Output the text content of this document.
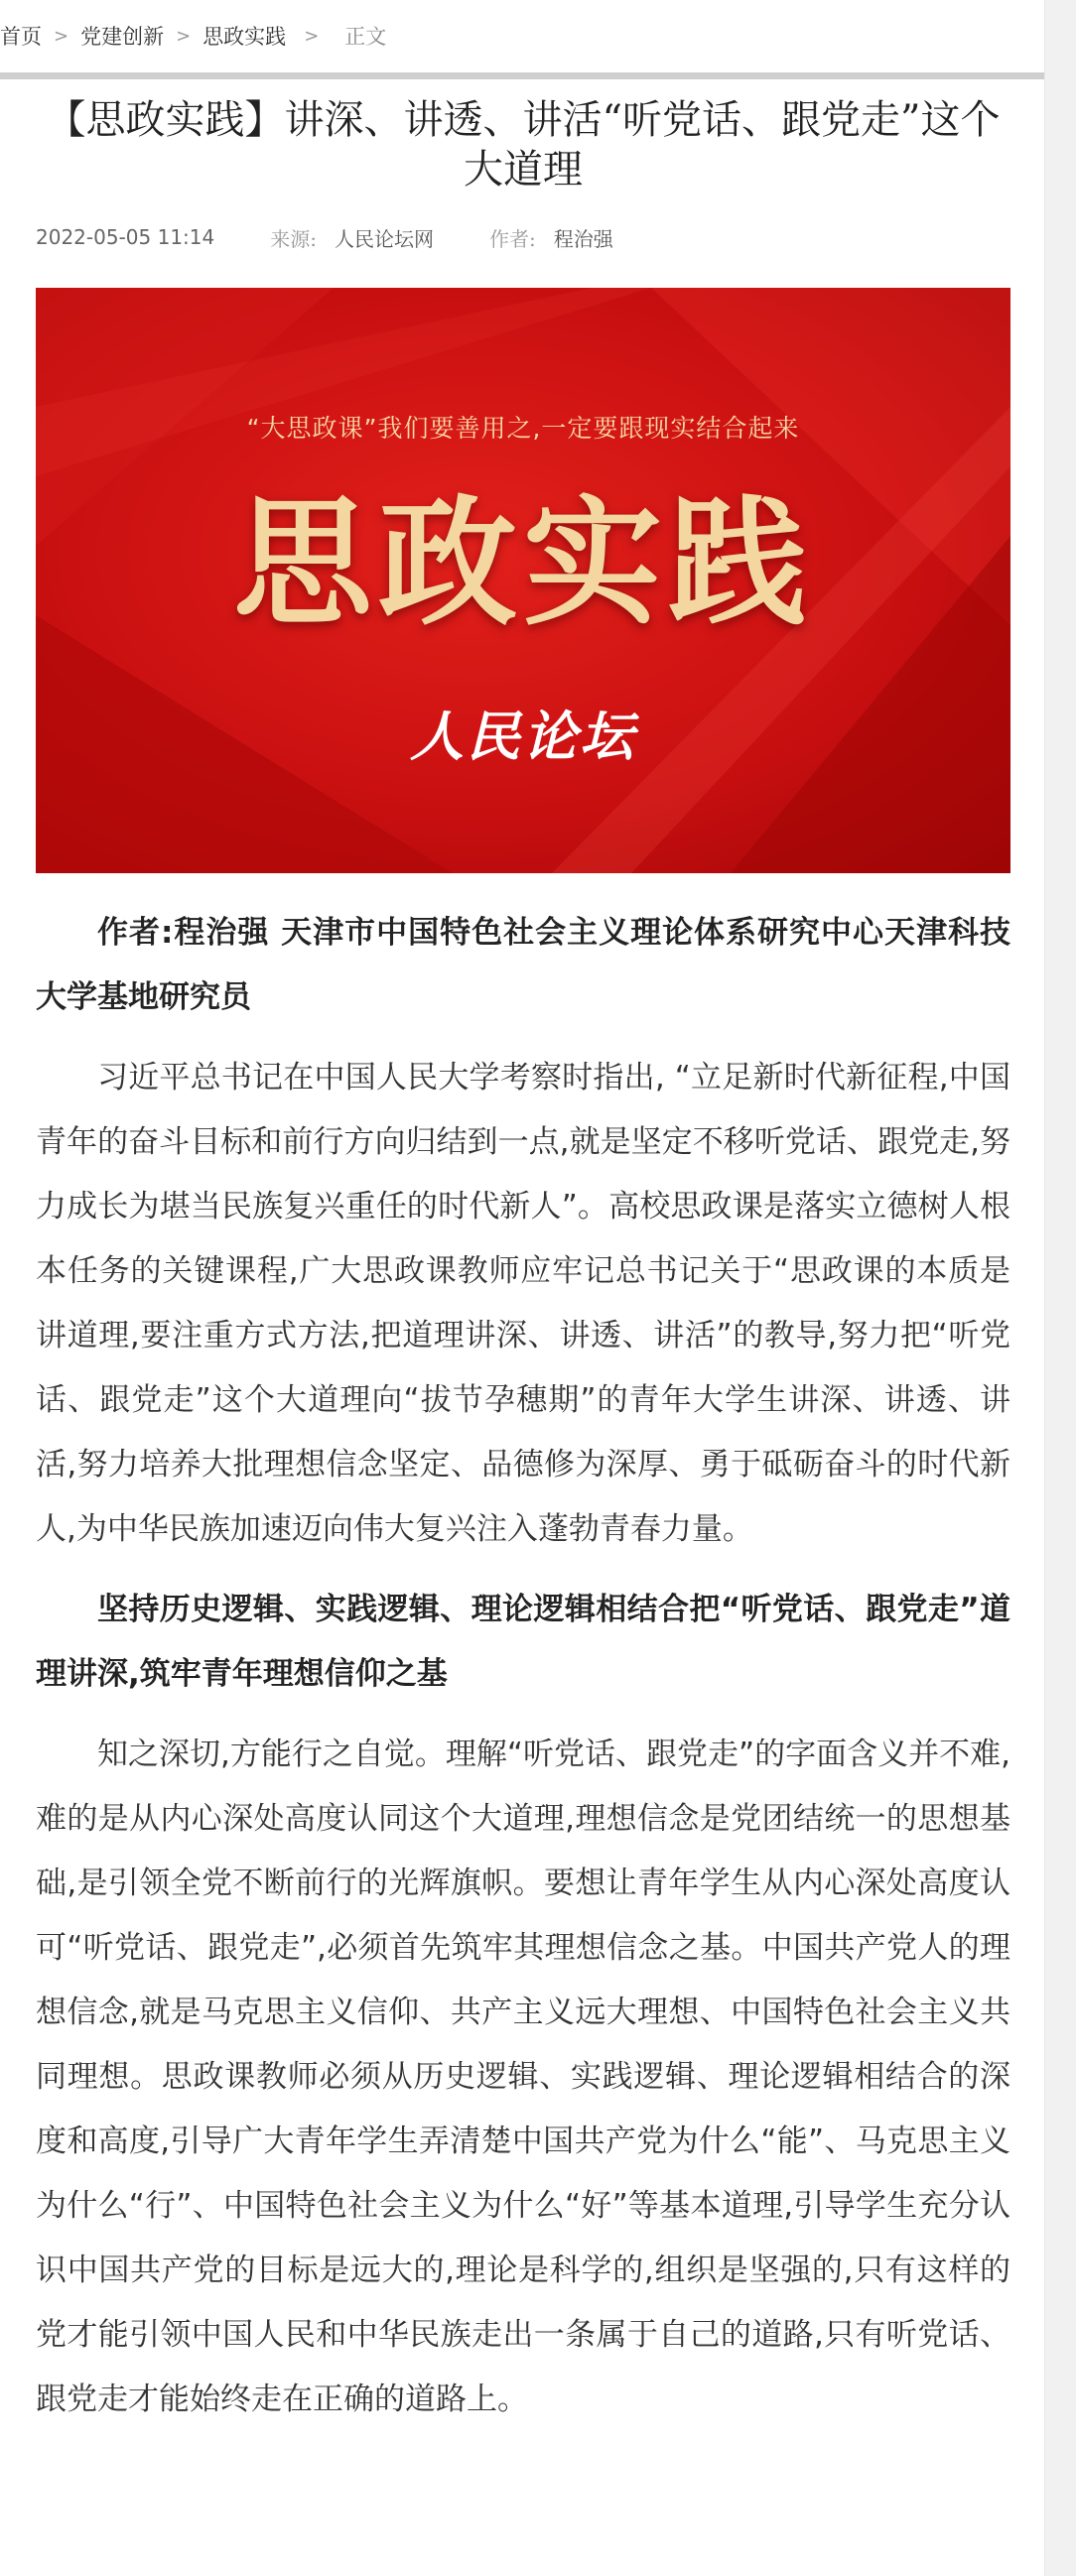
首页 > 党建创新 > 思政实践 > 正文
【思政实践】讲深、讲透、讲活“听党话、跟党走”这个大道理
2022-05-05 11:14	来源: 人民论坛网	作者: 程治强
“大思政课”我们要善用之,一定要跟现实结合起来
思政实践
人民论坛

作者:程治强 天津市中国特色社会主义理论体系研究中心天津科技大学基地研究员

习近平总书记在中国人民大学考察时指出, “立足新时代新征程,中国青年的奋斗目标和前行方向归结到一点,就是坚定不移听党话、跟党走,努力成长为堪当民族复兴重任的时代新人”。高校思政课是落实立德树人根本任务的关键课程,广大思政课教师应牢记总书记关于“思政课的本质是讲道理,要注重方式方法,把道理讲深、讲透、讲活”的教导,努力把“听党话、跟党走”这个大道理向“拔节孕穗期”的青年大学生讲深、讲透、讲活,努力培养大批理想信念坚定、品德修为深厚、勇于砥砺奋斗的时代新人,为中华民族加速迈向伟大复兴注入蓬勃青春力量。

坚持历史逻辑、实践逻辑、理论逻辑相结合把“听党话、跟党走”道理讲深,筑牢青年理想信仰之基

知之深切,方能行之自觉。理解“听党话、跟党走”的字面含义并不难,难的是从内心深处高度认同这个大道理,理想信念是党团结统一的思想基础,是引领全党不断前行的光辉旗帜。要想让青年学生从内心深处高度认可“听党话、跟党走”,必须首先筑牢其理想信念之基。中国共产党人的理想信念,就是马克思主义信仰、共产主义远大理想、中国特色社会主义共同理想。思政课教师必须从历史逻辑、实践逻辑、理论逻辑相结合的深度和高度,引导广大青年学生弄清楚中国共产党为什么“能”、马克思主义为什么“行”、中国特色社会主义为什么“好”等基本道理,引导学生充分认识中国共产党的目标是远大的,理论是科学的,组织是坚强的,只有这样的党才能引领中国人民和中华民族走出一条属于自己的道路,只有听党话、跟党走才能始终走在正确的道路上。
